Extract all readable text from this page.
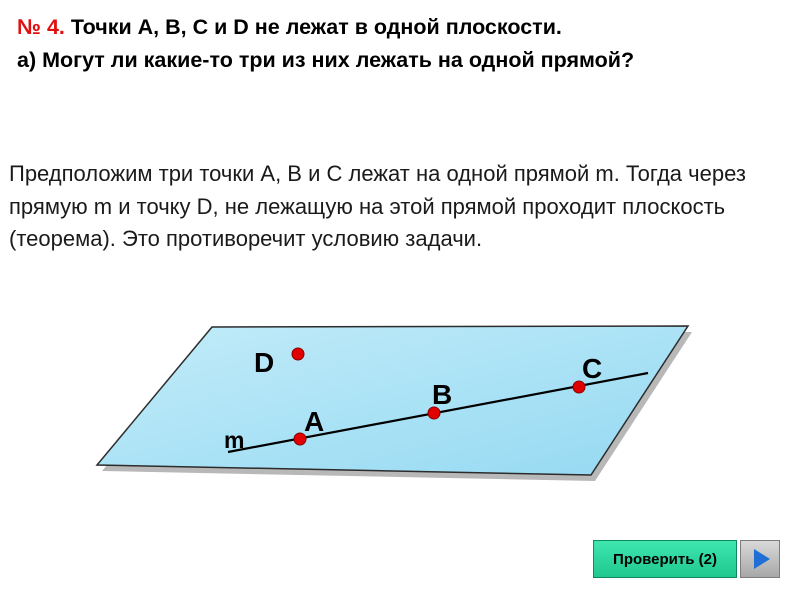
№ 4. Точки A, B, C и D не лежат в одной плоскости.
а) Могут ли какие-то три из них лежать на одной прямой?
Предположим три точки A, B и C лежат на одной прямой m. Тогда через прямую m и точку D, не лежащую на этой прямой проходит плоскость (теорема). Это противоречит условию задачи.
D
A
B
C
m
Проверить (2)
